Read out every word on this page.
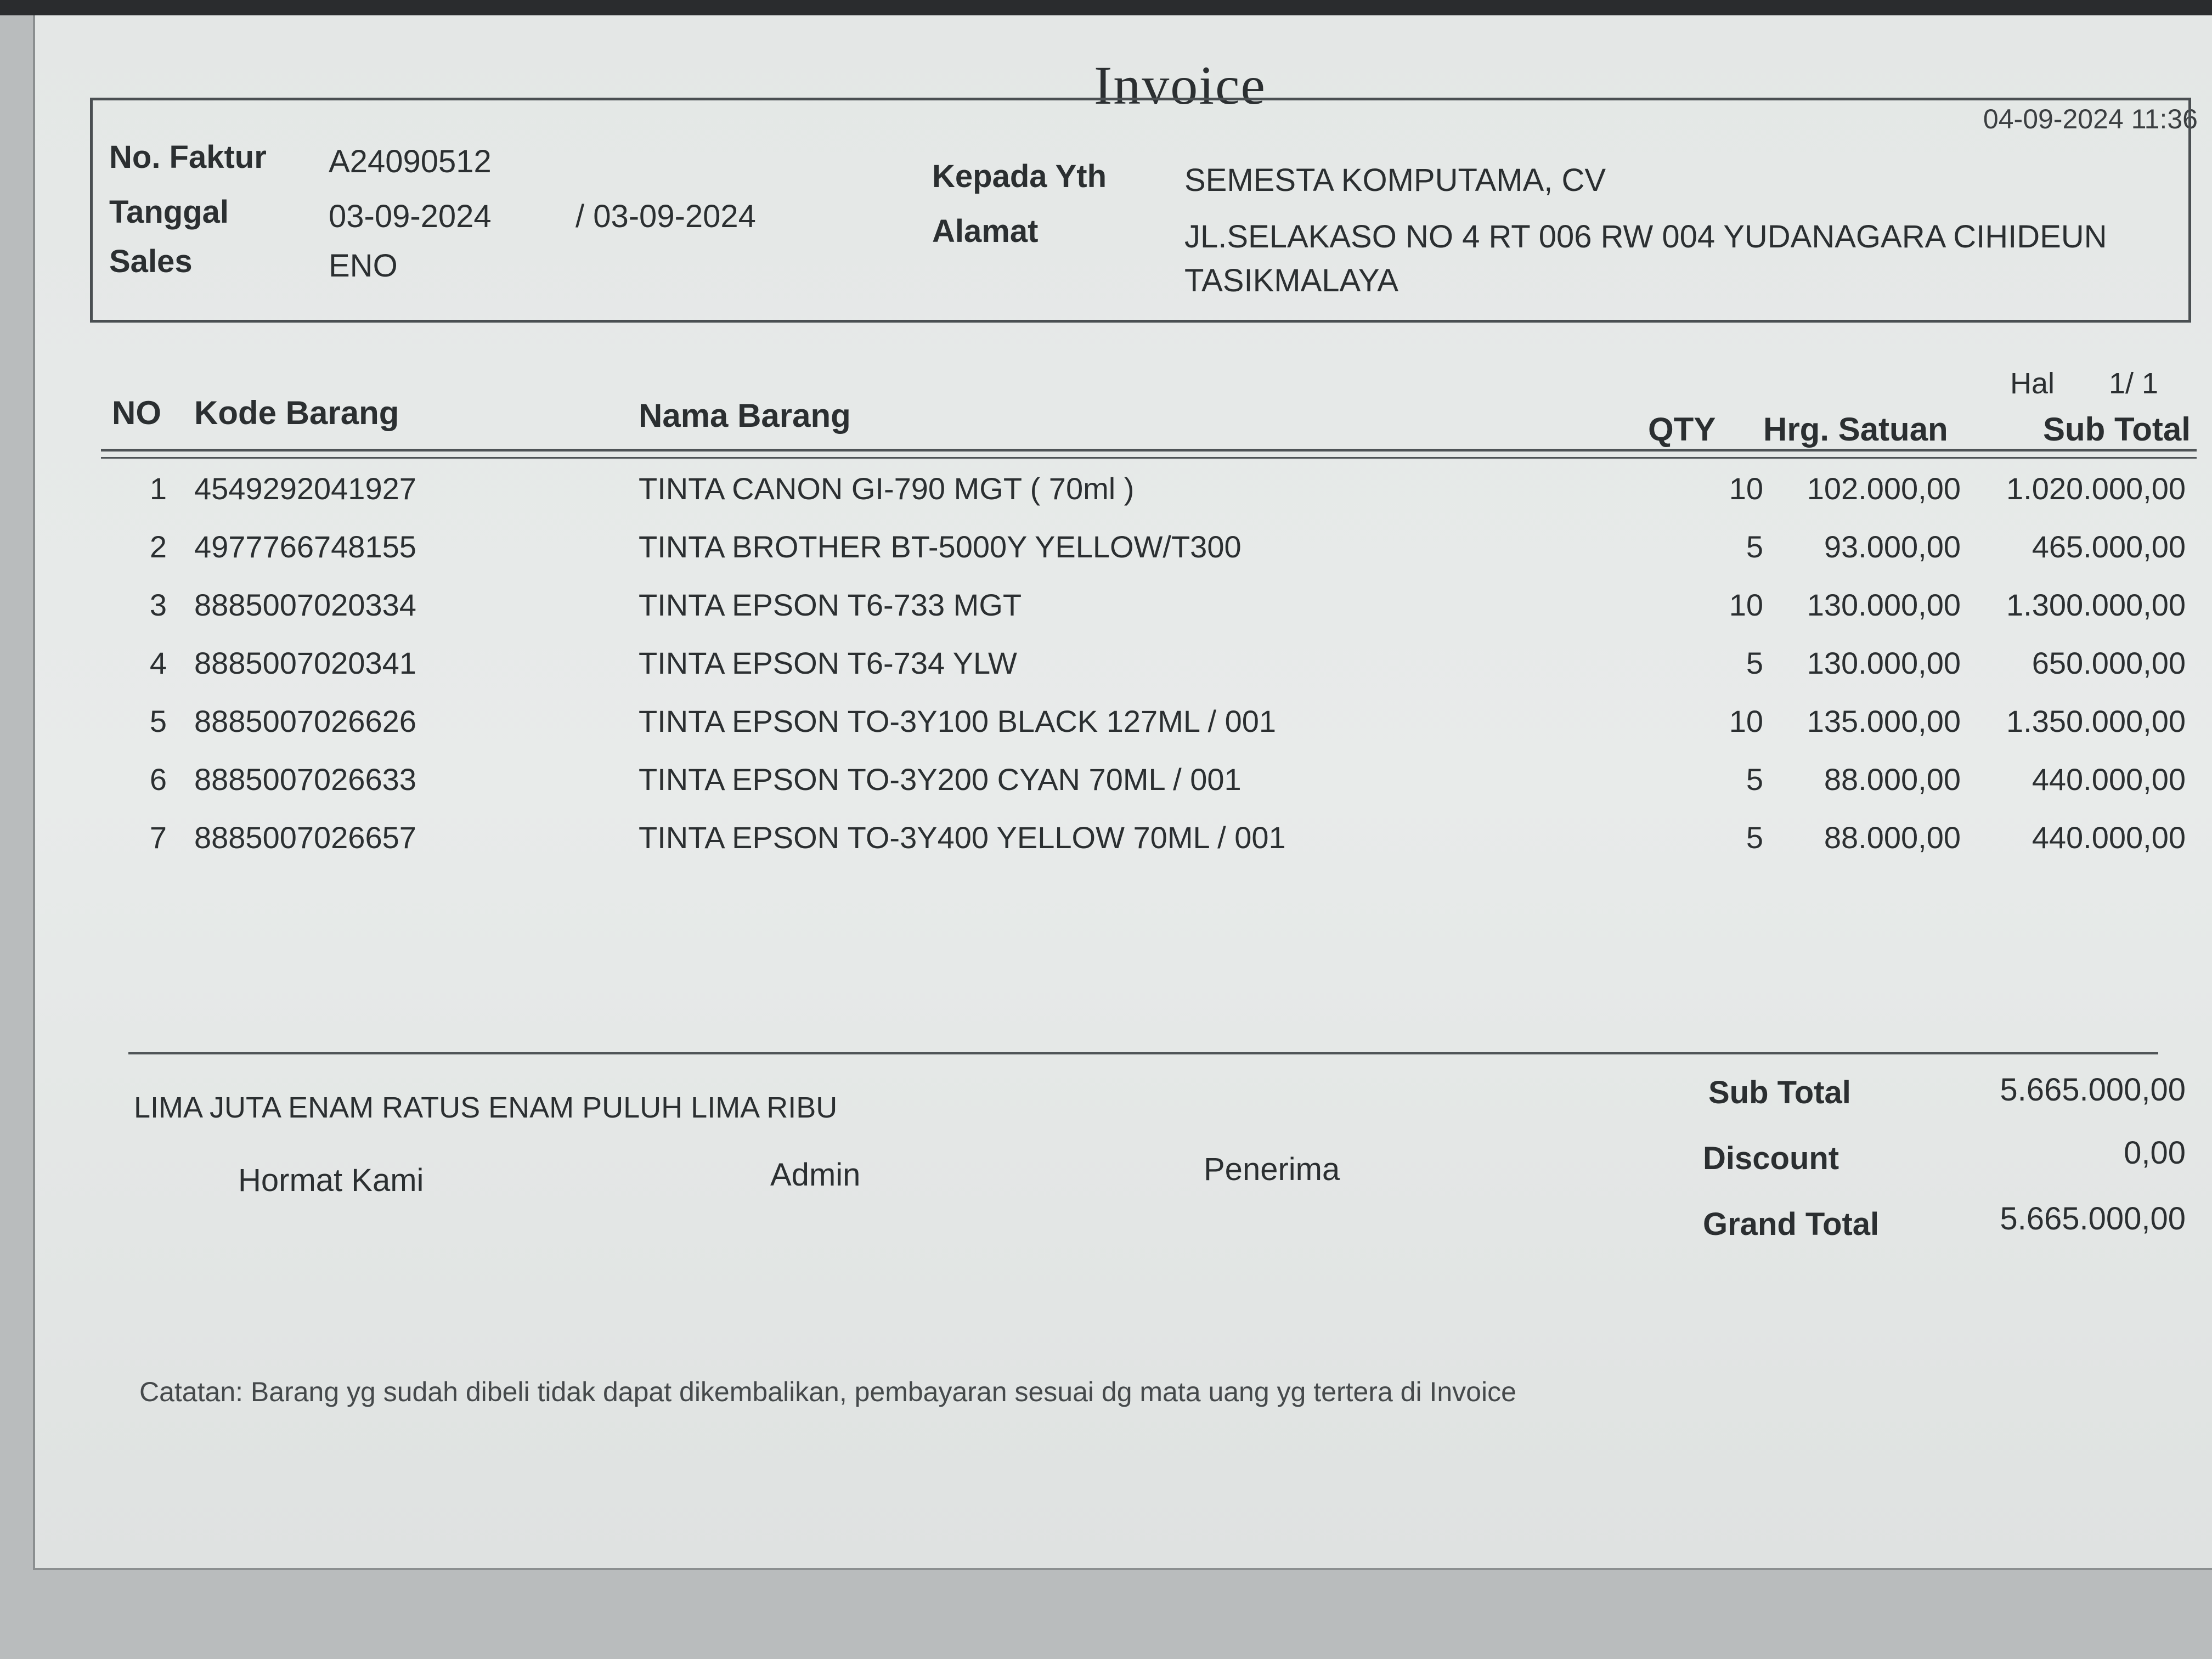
Invoice
04-09-2024 11:36
No. Faktur A24090512
Tanggal	03-09-2024	/ 03-09-2024
Sales	ENO
Kepada Yth SEMESTA KOMPUTAMA, CV
Alamat	JL.SELAKASO NO 4 RT 006 RW 004 YUDANAGARA CIHIDEUN
TASIKMALAYA
Hal 1/ 1
NO Kode Barang	Nama Barang	QTY Hrg. Satuan	Sub Total
1 4549292041927	TINTA CANON GI-790 MGT ( 70ml )	10	102.000,00	1.020.000,00
2 4977766748155	TINTA BROTHER BT-5000Y YELLOW/T300	5	93.000,00	465.000,00
3 8885007020334	TINTA EPSON T6-733 MGT	10	130.000,00	1.300.000,00
4 8885007020341	TINTA EPSON T6-734 YLW	5	130.000,00	650.000,00
5 8885007026626	TINTA EPSON TO-3Y100 BLACK 127ML / 001	10	135.000,00	1.350.000,00
6 8885007026633	TINTA EPSON TO-3Y200 CYAN 70ML / 001	5	88.000,00	440.000,00
7 8885007026657	TINTA EPSON TO-3Y400 YELLOW 70ML / 001	5	88.000,00	440.000,00
LIMA JUTA ENAM RATUS ENAM PULUH LIMA RIBU
Hormat Kami	Admin	Penerima
Sub Total	5.665.000,00
Discount	0,00
Grand Total	5.665.000,00
Catatan: Barang yg sudah dibeli tidak dapat dikembalikan, pembayaran sesuai dg mata uang yg tertera di Invoice
